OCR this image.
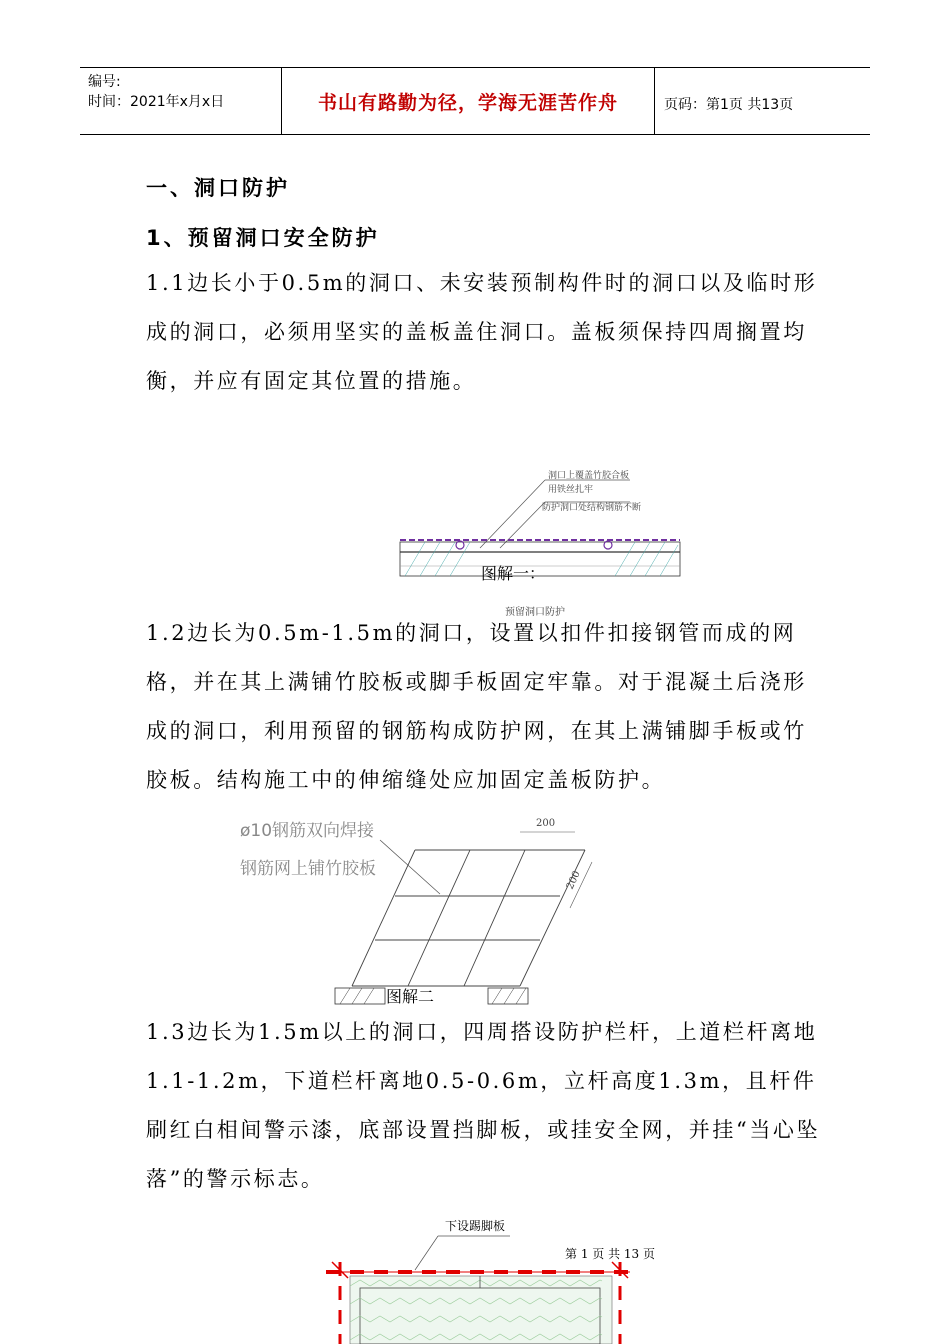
编号:
时间：2021年x月x日	书山有路勤为径，学海无涯苦作舟	页码：第1页 共13页
一、洞口防护
1、预留洞口安全防护

1.1边长小于0.5m的洞口、未安装预制构件时的洞口以及临时形成的洞口，必须用坚实的盖板盖住洞口。盖板须保持四周搁置均衡，并应有固定其位置的措施。

洞口上覆盖竹胶合板
用铁丝扎牢
防护洞口处结构钢筋不断
预留洞口防护
图解一：

1.2边长为0.5m-1.5m的洞口，设置以扣件扣接钢管而成的网格，并在其上满铺竹胶板或脚手板固定牢靠。对于混凝土后浇形成的洞口，利用预留的钢筋构成防护网，在其上满铺脚手板或竹胶板。结构施工中的伸缩缝处应加固定盖板防护。

ø10钢筋双向焊接
钢筋网上铺竹胶板
200
200
图解二

1.3边长为1.5m以上的洞口，四周搭设防护栏杆，上道栏杆离地1.1-1.2m，下道栏杆离地0.5-0.6m，立杆高度1.3m，且杆件刷红白相间警示漆，底部设置挡脚板，或挂安全网，并挂“当心坠落”的警示标志。

下设踢脚板
第 1 页 共 13 页
